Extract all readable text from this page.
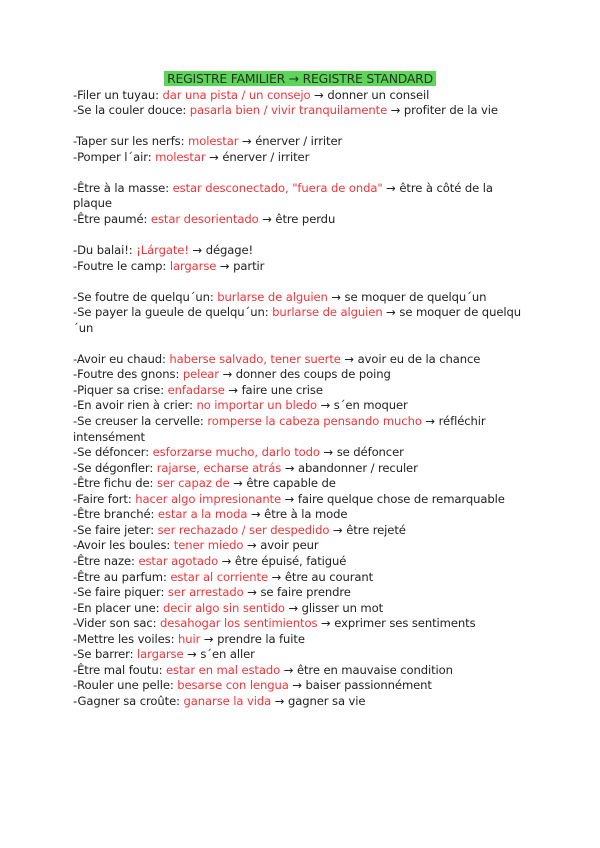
REGISTRE FAMILIER → REGISTRE STANDARD
-Filer un tuyau: dar una pista / un consejo → donner un conseil
-Se la couler douce: pasarla bien / vivir tranquilamente → profiter de la vie
-Taper sur les nerfs: molestar → énerver / irriter
-Pomper l´air: molestar → énerver / irriter
-Être à la masse: estar desconectado, "fuera de onda" → être à côté de la plaque
-Être paumé: estar desorientado → être perdu
-Du balai!: ¡Lárgate! → dégage!
-Foutre le camp: largarse → partir
-Se foutre de quelqu´un: burlarse de alguien → se moquer de quelqu´un
-Se payer la gueule de quelqu´un: burlarse de alguien → se moquer de quelqu´un
-Avoir eu chaud: haberse salvado, tener suerte → avoir eu de la chance
-Foutre des gnons: pelear → donner des coups de poing
-Piquer sa crise: enfadarse → faire une crise
-En avoir rien à crier: no importar un bledo → s´en moquer
-Se creuser la cervelle: romperse la cabeza pensando mucho → réfléchir intensément
-Se défoncer: esforzarse mucho, darlo todo → se défoncer
-Se dégonfler: rajarse, echarse atrás → abandonner / reculer
-Être fichu de: ser capaz de → être capable de
-Faire fort: hacer algo impresionante → faire quelque chose de remarquable
-Être branché: estar a la moda → être à la mode
-Se faire jeter: ser rechazado / ser despedido → être rejeté
-Avoir les boules: tener miedo → avoir peur
-Être naze: estar agotado → être épuisé, fatigué
-Être au parfum: estar al corriente → être au courant
-Se faire piquer: ser arrestado → se faire prendre
-En placer une: decir algo sin sentido → glisser un mot
-Vider son sac: desahogar los sentimientos → exprimer ses sentiments
-Mettre les voiles: huir → prendre la fuite
-Se barrer: largarse → s´en aller
-Être mal foutu: estar en mal estado → être en mauvaise condition
-Rouler une pelle: besarse con lengua → baiser passionnément
-Gagner sa croûte: ganarse la vida → gagner sa vie
